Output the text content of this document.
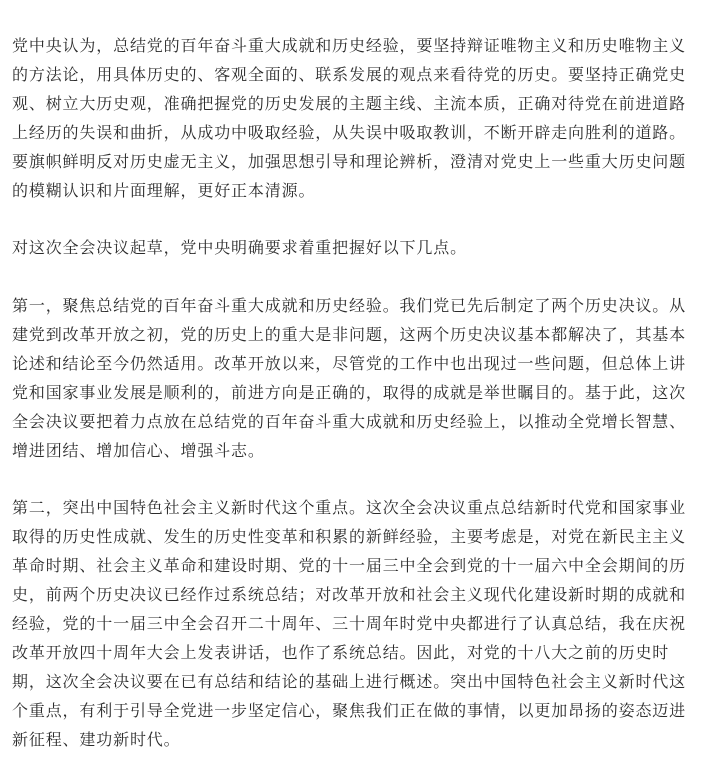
党中央认为，总结党的百年奋斗重大成就和历史经验，要坚持辩证唯物主义和历史唯物主义
的方法论，用具体历史的、客观全面的、联系发展的观点来看待党的历史。要坚持正确党史
观、树立大历史观，准确把握党的历史发展的主题主线、主流本质，正确对待党在前进道路
上经历的失误和曲折，从成功中吸取经验，从失误中吸取教训，不断开辟走向胜利的道路。
要旗帜鲜明反对历史虚无主义，加强思想引导和理论辨析，澄清对党史上一些重大历史问题
的模糊认识和片面理解，更好正本清源。

对这次全会决议起草，党中央明确要求着重把握好以下几点。

第一，聚焦总结党的百年奋斗重大成就和历史经验。我们党已先后制定了两个历史决议。从
建党到改革开放之初，党的历史上的重大是非问题，这两个历史决议基本都解决了，其基本
论述和结论至今仍然适用。改革开放以来，尽管党的工作中也出现过一些问题，但总体上讲
党和国家事业发展是顺利的，前进方向是正确的，取得的成就是举世瞩目的。基于此，这次
全会决议要把着力点放在总结党的百年奋斗重大成就和历史经验上，以推动全党增长智慧、
增进团结、增加信心、增强斗志。

第二，突出中国特色社会主义新时代这个重点。这次全会决议重点总结新时代党和国家事业
取得的历史性成就、发生的历史性变革和积累的新鲜经验，主要考虑是，对党在新民主主义
革命时期、社会主义革命和建设时期、党的十一届三中全会到党的十一届六中全会期间的历
史，前两个历史决议已经作过系统总结；对改革开放和社会主义现代化建设新时期的成就和
经验，党的十一届三中全会召开二十周年、三十周年时党中央都进行了认真总结，我在庆祝
改革开放四十周年大会上发表讲话，也作了系统总结。因此，对党的十八大之前的历史时
期，这次全会决议要在已有总结和结论的基础上进行概述。突出中国特色社会主义新时代这
个重点，有利于引导全党进一步坚定信心，聚焦我们正在做的事情，以更加昂扬的姿态迈进
新征程、建功新时代。
